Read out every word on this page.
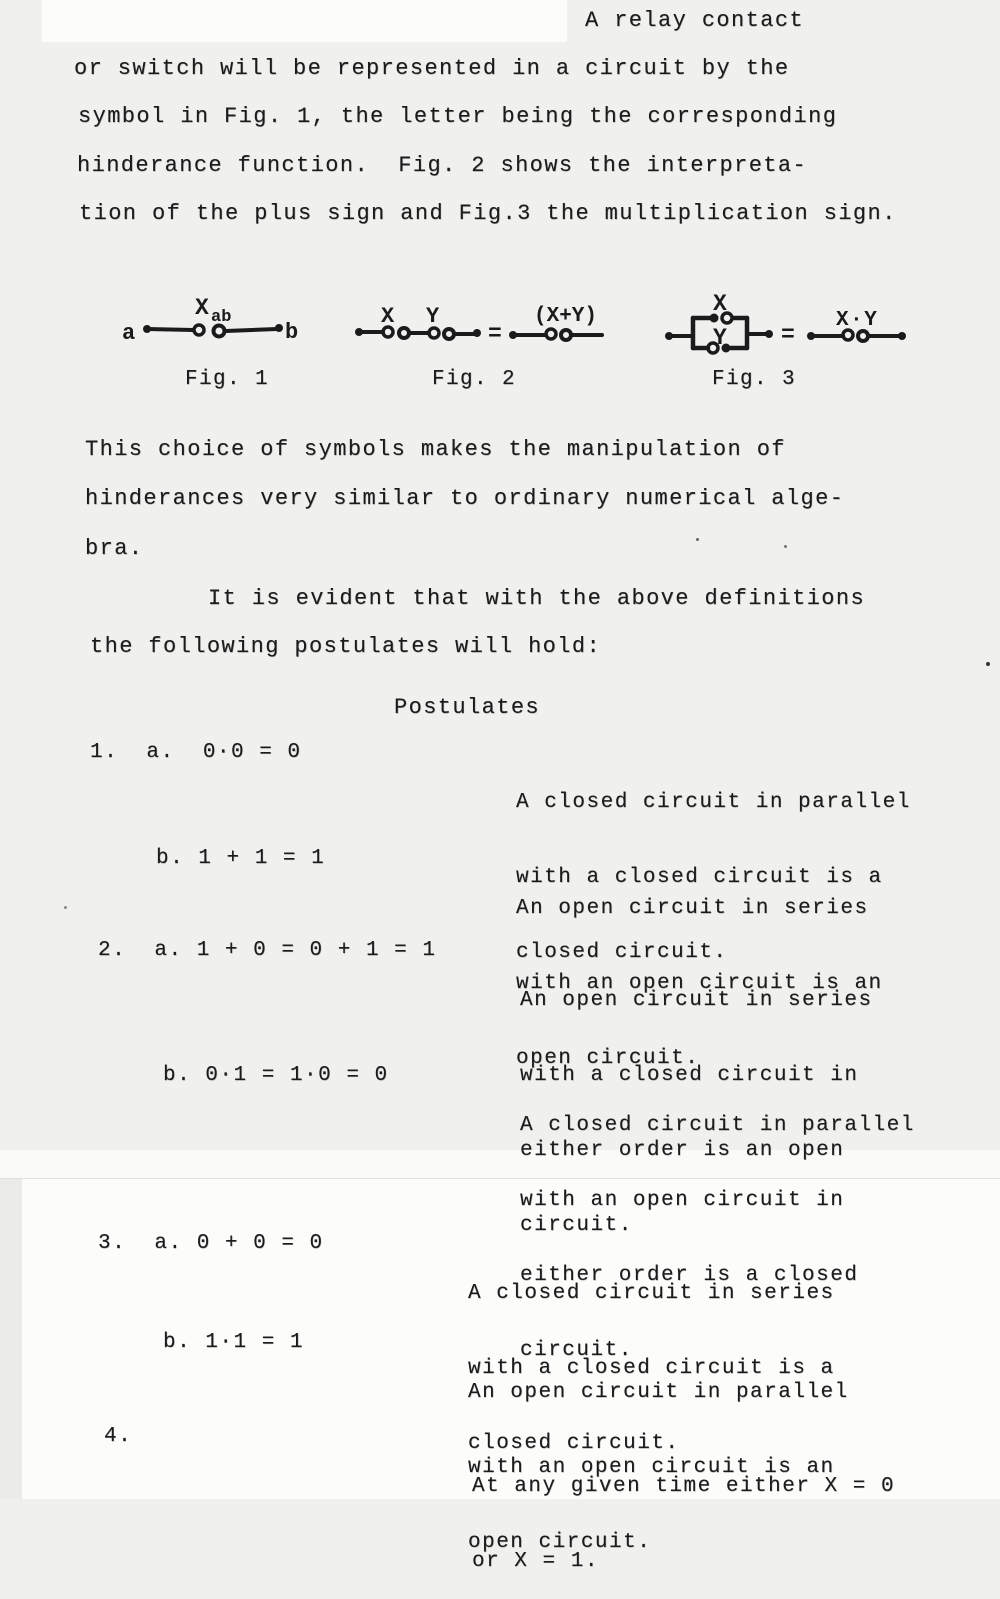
A relay contact
or switch will be represented in a circuit by the
symbol in Fig. 1, the letter being the corresponding
hinderance function.  Fig. 2 shows the interpreta-
tion of the plus sign and Fig.3 the multiplication sign.
a	b
X ab
Fig. 1
X Y
=
(X+Y)
Fig. 2
X
Y =
X·Y
Fig. 3
This choice of symbols makes the manipulation of
hinderances very similar to ordinary numerical alge-
bra.
It is evident that with the above definitions
the following postulates will hold:
Postulates
1.  a.  0·0 = 0

A closed circuit in parallel

with a closed circuit is a

closed circuit.

b. 1 + 1 = 1

An open circuit in series

with an open circuit is an

open circuit.

2.  a. 1 + 0 = 0 + 1 = 1

An open circuit in series

with a closed circuit in

either order is an open

circuit.

b. 0·1 = 1·0 = 0

A closed circuit in parallel

with an open circuit in

either order is a closed

circuit.

3.  a. 0 + 0 = 0

A closed circuit in series

with a closed circuit is a

closed circuit.

b. 1·1 = 1

An open circuit in parallel

with an open circuit is an

open circuit.

4.

At any given time either X = 0

or X = 1.
